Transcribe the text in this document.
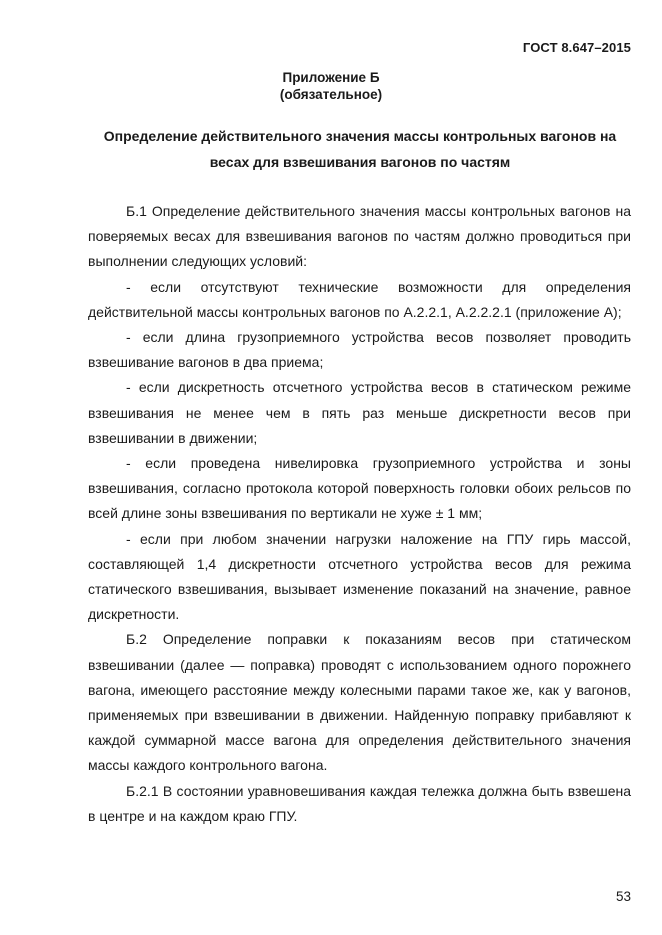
ГОСТ 8.647–2015
Приложение Б
(обязательное)
Определение действительного значения массы контрольных вагонов на весах для взвешивания вагонов по частям

Б.1 Определение действительного значения массы контрольных вагонов на поверяемых весах для взвешивания вагонов по частям должно проводиться при выполнении следующих условий:

- если отсутствуют технические возможности для определения действительной массы контрольных вагонов по А.2.2.1, А.2.2.2.1 (приложение А);

- если длина грузоприемного устройства весов позволяет проводить взвешивание вагонов в два приема;

- если дискретность отсчетного устройства весов в статическом режиме взвешивания не менее чем в пять раз меньше дискретности весов при взвешивании в движении;

- если проведена нивелировка грузоприемного устройства и зоны взвешивания, согласно протокола которой поверхность головки обоих рельсов по всей длине зоны взвешивания по вертикали не хуже ± 1 мм;

- если при любом значении нагрузки наложение на ГПУ гирь массой, составляющей 1,4 дискретности отсчетного устройства весов для режима статического взвешивания, вызывает изменение показаний на значение, равное дискретности.

Б.2 Определение поправки к показаниям весов при статическом взвешивании (далее — поправка) проводят с использованием одного порожнего вагона, имеющего расстояние между колесными парами такое же, как у вагонов, применяемых при взвешивании в движении. Найденную поправку прибавляют к каждой суммарной массе вагона для определения действительного значения массы каждого контрольного вагона.

Б.2.1 В состоянии уравновешивания каждая тележка должна быть взвешена в центре и на каждом краю ГПУ.

53
